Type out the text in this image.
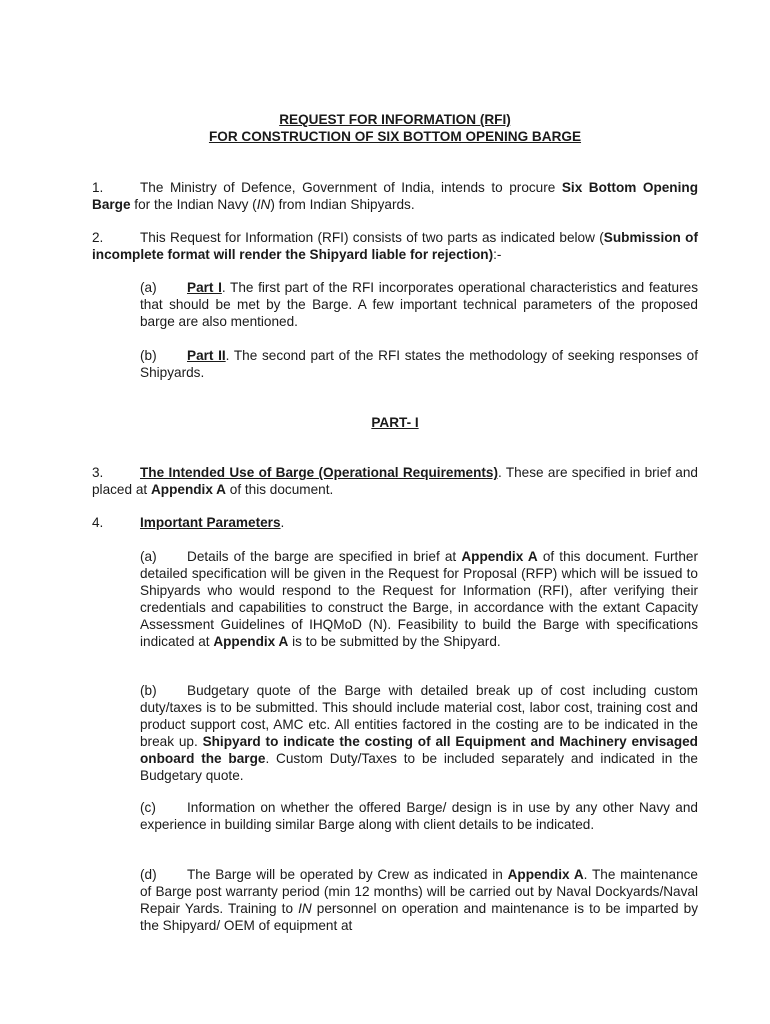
REQUEST FOR INFORMATION (RFI)
FOR CONSTRUCTION OF SIX BOTTOM OPENING BARGE
1.	The Ministry of Defence, Government of India, intends to procure Six Bottom Opening Barge for the Indian Navy (IN) from Indian Shipyards.
2.	This Request for Information (RFI) consists of two parts as indicated below (Submission of incomplete format will render the Shipyard liable for rejection):-
(a) Part I. The first part of the RFI incorporates operational characteristics and features that should be met by the Barge. A few important technical parameters of the proposed barge are also mentioned.
(b) Part II. The second part of the RFI states the methodology of seeking responses of Shipyards.
PART- I
3.	The Intended Use of Barge (Operational Requirements). These are specified in brief and placed at Appendix A of this document.
4.	Important Parameters.
(a) Details of the barge are specified in brief at Appendix A of this document. Further detailed specification will be given in the Request for Proposal (RFP) which will be issued to Shipyards who would respond to the Request for Information (RFI), after verifying their credentials and capabilities to construct the Barge, in accordance with the extant Capacity Assessment Guidelines of IHQMoD (N). Feasibility to build the Barge with specifications indicated at Appendix A is to be submitted by the Shipyard.
(b) Budgetary quote of the Barge with detailed break up of cost including custom duty/taxes is to be submitted. This should include material cost, labor cost, training cost and product support cost, AMC etc. All entities factored in the costing are to be indicated in the break up. Shipyard to indicate the costing of all Equipment and Machinery envisaged onboard the barge. Custom Duty/Taxes to be included separately and indicated in the Budgetary quote.
(c) Information on whether the offered Barge/ design is in use by any other Navy and experience in building similar Barge along with client details to be indicated.
(d) The Barge will be operated by Crew as indicated in Appendix A. The maintenance of Barge post warranty period (min 12 months) will be carried out by Naval Dockyards/Naval Repair Yards. Training to IN personnel on operation and maintenance is to be imparted by the Shipyard/ OEM of equipment at
